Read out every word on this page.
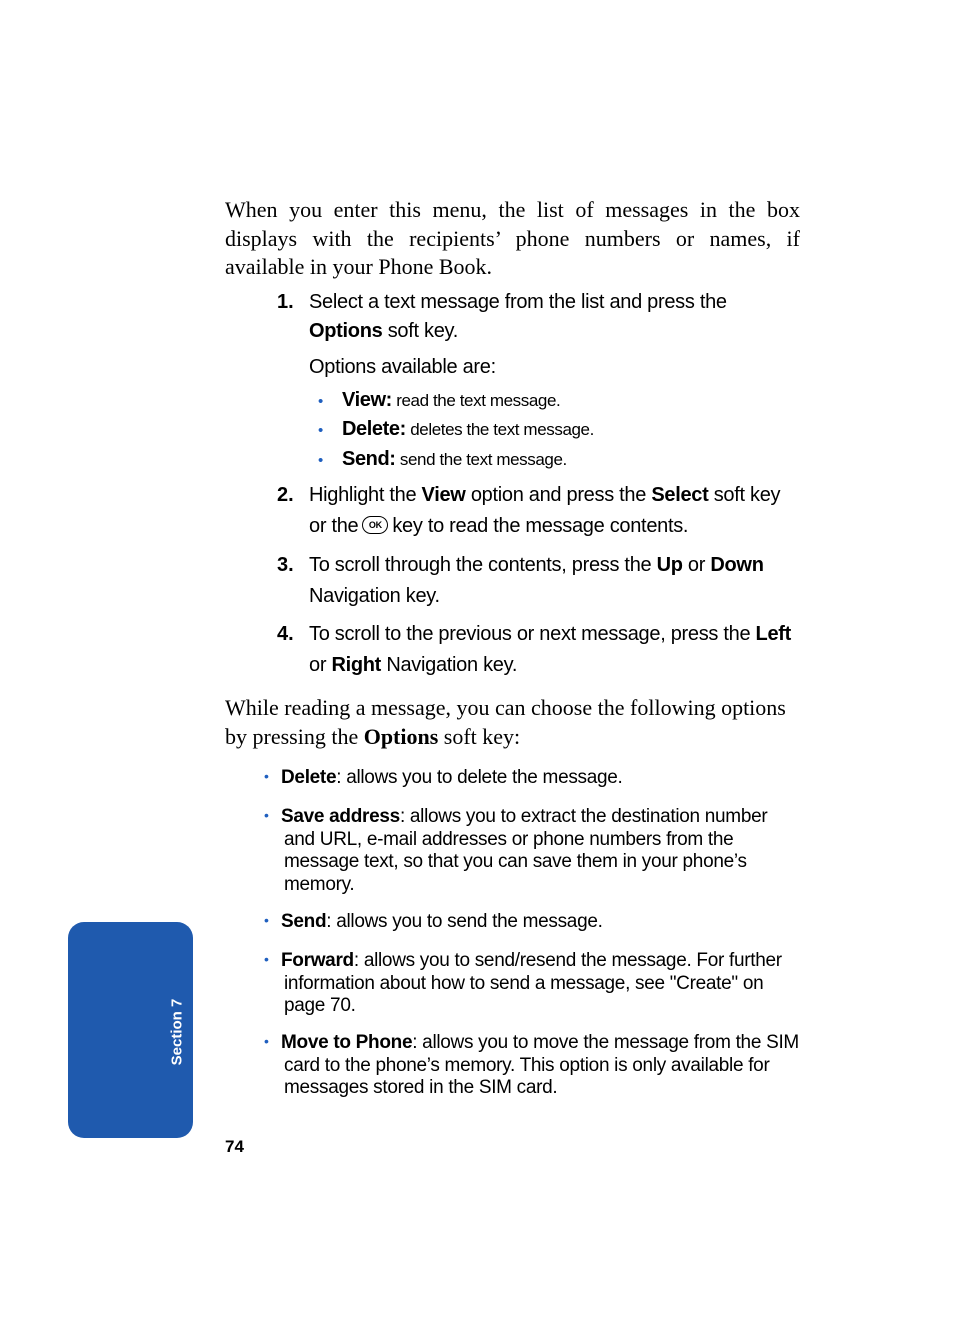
When you enter this menu, the list of messages in the box displays with the recipients’ phone numbers or names, if available in your Phone Book.
1. Select a text message from the list and press the
Options soft key.
Options available are:
• View: read the text message.
• Delete: deletes the text message.
• Send: send the text message.
2. Highlight the View option and press the Select soft key
or the OK key to read the message contents.
3. To scroll through the contents, press the Up or Down
Navigation key.
4. To scroll to the previous or next message, press the Left
or Right Navigation key.
While reading a message, you can choose the following options by pressing the Options soft key:
• Delete: allows you to delete the message.
• Save address: allows you to extract the destination number
and URL, e-mail addresses or phone numbers from the
message text, so that you can save them in your phone’s
memory.
• Send: allows you to send the message.
• Forward: allows you to send/resend the message. For further
information about how to send a message, see "Create" on
page 70.
• Move to Phone: allows you to move the message from the SIM
card to the phone’s memory. This option is only available for
messages stored in the SIM card.
Section 7
74
